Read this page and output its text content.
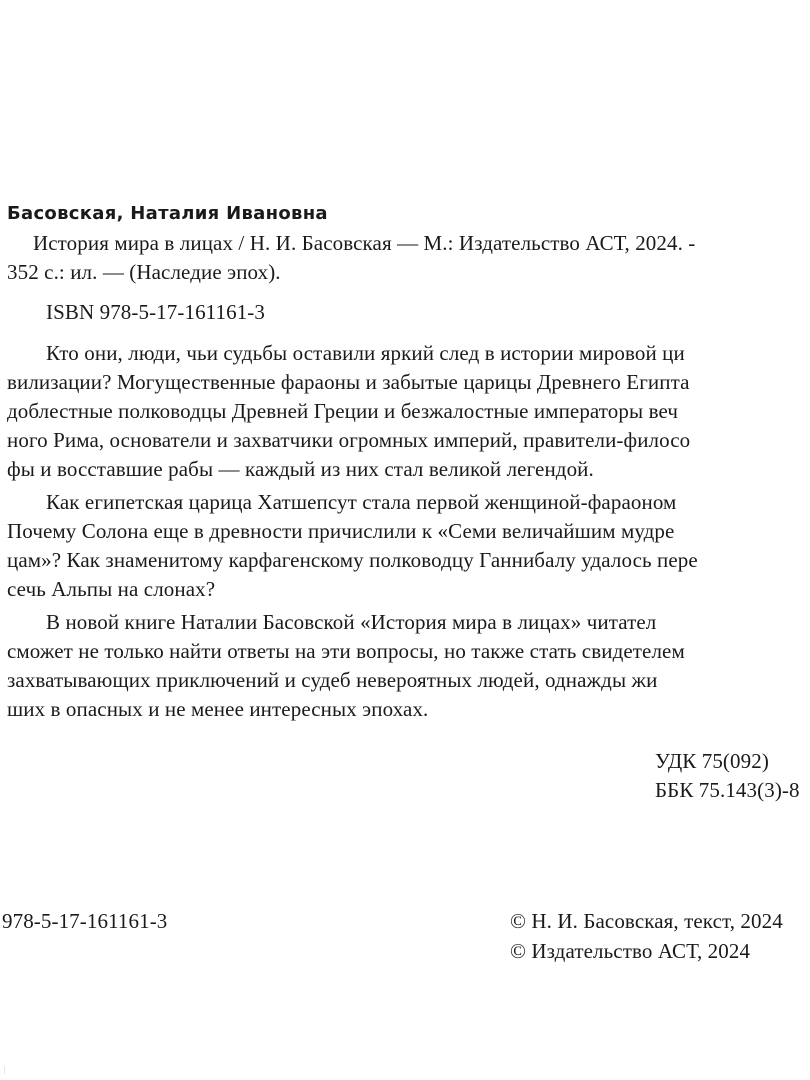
Басовская, Наталия Ивановна
История мира в лицах / Н. И. Басовская — М.: Издательство АСТ, 2024. -
352 с.: ил. — (Наследие эпох).
ISBN 978-5-17-161161-3
Кто они, люди, чьи судьбы оставили яркий след в истории мировой ци
вилизации? Могущественные фараоны и забытые царицы Древнего Египта
доблестные полководцы Древней Греции и безжалостные императоры веч
ного Рима, основатели и захватчики огромных империй, правители-филосо
фы и восставшие рабы — каждый из них стал великой легендой.
Как египетская царица Хатшепсут стала первой женщиной-фараоном
Почему Солона еще в древности причислили к «Семи величайшим мудре
цам»? Как знаменитому карфагенскому полководцу Ганнибалу удалось пере
сечь Альпы на слонах?
В новой книге Наталии Басовской «История мира в лицах» читател
сможет не только найти ответы на эти вопросы, но также стать свидетелем
захватывающих приключений и судеб невероятных людей, однажды жи
ших в опасных и не менее интересных эпохах.
УДК 75(092)
ББК 75.143(3)-8
978-5-17-161161-3	© Н. И. Басовская, текст, 2024
© Издательство АСТ, 2024
